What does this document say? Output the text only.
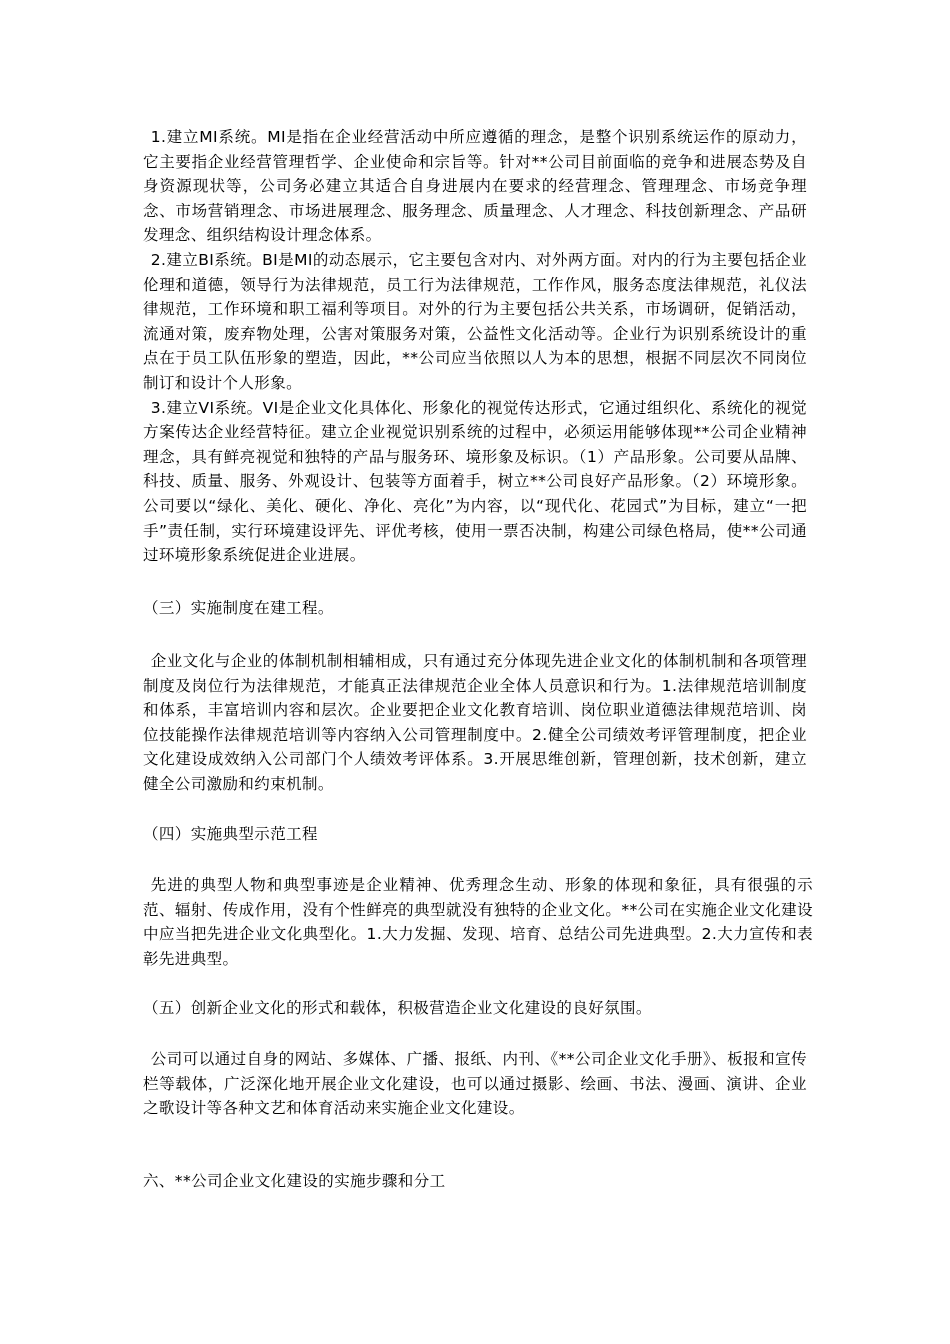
1.建立MI系统。MI是指在企业经营活动中所应遵循的理念，是整个识别系统运作的原动力，它主要指企业经营管理哲学、企业使命和宗旨等。针对**公司目前面临的竞争和进展态势及自身资源现状等，公司务必建立其适合自身进展内在要求的经营理念、管理理念、市场竞争理念、市场营销理念、市场进展理念、服务理念、质量理念、人才理念、科技创新理念、产品研发理念、组织结构设计理念体系。
2.建立BI系统。BI是MI的动态展示，它主要包含对内、对外两方面。对内的行为主要包括企业伦理和道德，领导行为法律规范，员工行为法律规范，工作作风，服务态度法律规范，礼仪法律规范，工作环境和职工福利等项目。对外的行为主要包括公共关系，市场调研，促销活动，流通对策，废弃物处理，公害对策服务对策，公益性文化活动等。企业行为识别系统设计的重点在于员工队伍形象的塑造，因此，**公司应当依照以人为本的思想，根据不同层次不同岗位制订和设计个人形象。
3.建立VI系统。VI是企业文化具体化、形象化的视觉传达形式，它通过组织化、系统化的视觉方案传达企业经营特征。建立企业视觉识别系统的过程中，必须运用能够体现**公司企业精神理念，具有鲜亮视觉和独特的产品与服务环、境形象及标识。（1）产品形象。公司要从品牌、科技、质量、服务、外观设计、包装等方面着手，树立**公司良好产品形象。（2）环境形象。公司要以“绿化、美化、硬化、净化、亮化”为内容，以“现代化、花园式”为目标，建立“一把手”责任制，实行环境建设评先、评优考核，使用一票否决制，构建公司绿色格局，使**公司通过环境形象系统促进企业进展。

（三）实施制度在建工程。

企业文化与企业的体制机制相辅相成，只有通过充分体现先进企业文化的体制机制和各项管理制度及岗位行为法律规范，才能真正法律规范企业全体人员意识和行为。1.法律规范培训制度和体系，丰富培训内容和层次。企业要把企业文化教育培训、岗位职业道德法律规范培训、岗位技能操作法律规范培训等内容纳入公司管理制度中。2.健全公司绩效考评管理制度，把企业文化建设成效纳入公司部门个人绩效考评体系。3.开展思维创新，管理创新，技术创新，建立健全公司激励和约束机制。

（四）实施典型示范工程

先进的典型人物和典型事迹是企业精神、优秀理念生动、形象的体现和象征，具有很强的示范、辐射、传成作用，没有个性鲜亮的典型就没有独特的企业文化。**公司在实施企业文化建设中应当把先进企业文化典型化。1.大力发掘、发现、培育、总结公司先进典型。2.大力宣传和表彰先进典型。

（五）创新企业文化的形式和载体，积极营造企业文化建设的良好氛围。

公司可以通过自身的网站、多媒体、广播、报纸、内刊、《**公司企业文化手册》、板报和宣传栏等载体，广泛深化地开展企业文化建设，也可以通过摄影、绘画、书法、漫画、演讲、企业之歌设计等各种文艺和体育活动来实施企业文化建设。

六、**公司企业文化建设的实施步骤和分工
